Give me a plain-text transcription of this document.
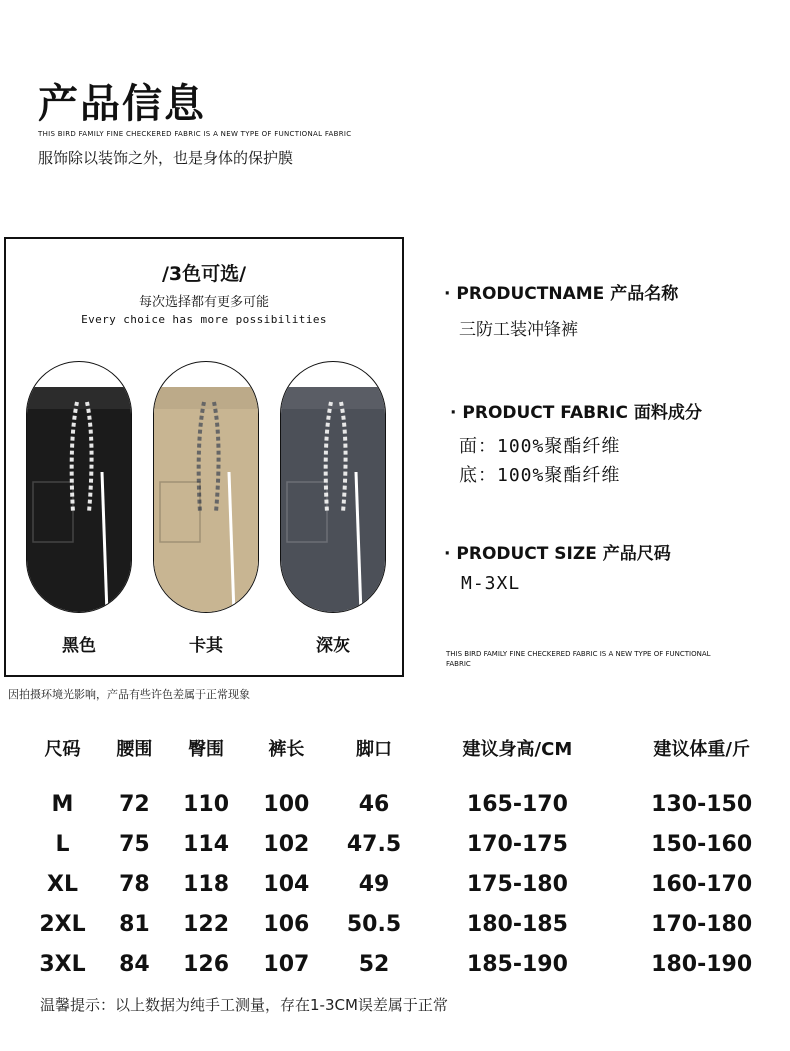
产品信息
THIS BIRD FAMILY FINE CHECKERED FABRIC IS A NEW TYPE OF FUNCTIONAL FABRIC
服饰除以装饰之外，也是身体的保护膜
/3色可选/
每次选择都有更多可能
Every choice has more possibilities
黑色	卡其	深灰
因拍摄环境光影响，产品有些许色差属于正常现象
· PRODUCTNAME 产品名称
三防工装冲锋裤
· PRODUCT FABRIC 面料成分
面：100%聚酯纤维
底：100%聚酯纤维
· PRODUCT SIZE 产品尺码
M-3XL
THIS BIRD FAMILY FINE CHECKERED FABRIC IS A NEW TYPE OF FUNCTIONAL FABRIC
尺码	腰围	臀围	裤长	脚口	建议身高/CM	建议体重/斤

M	72	110	100	46	165-170	130-150
L	75	114	102	47.5	170-175	150-160
XL	78	118	104	49	175-180	160-170
2XL	81	122	106	50.5	180-185	170-180
3XL	84	126	107	52	185-190	180-190
温馨提示：以上数据为纯手工测量，存在1-3CM误差属于正常
